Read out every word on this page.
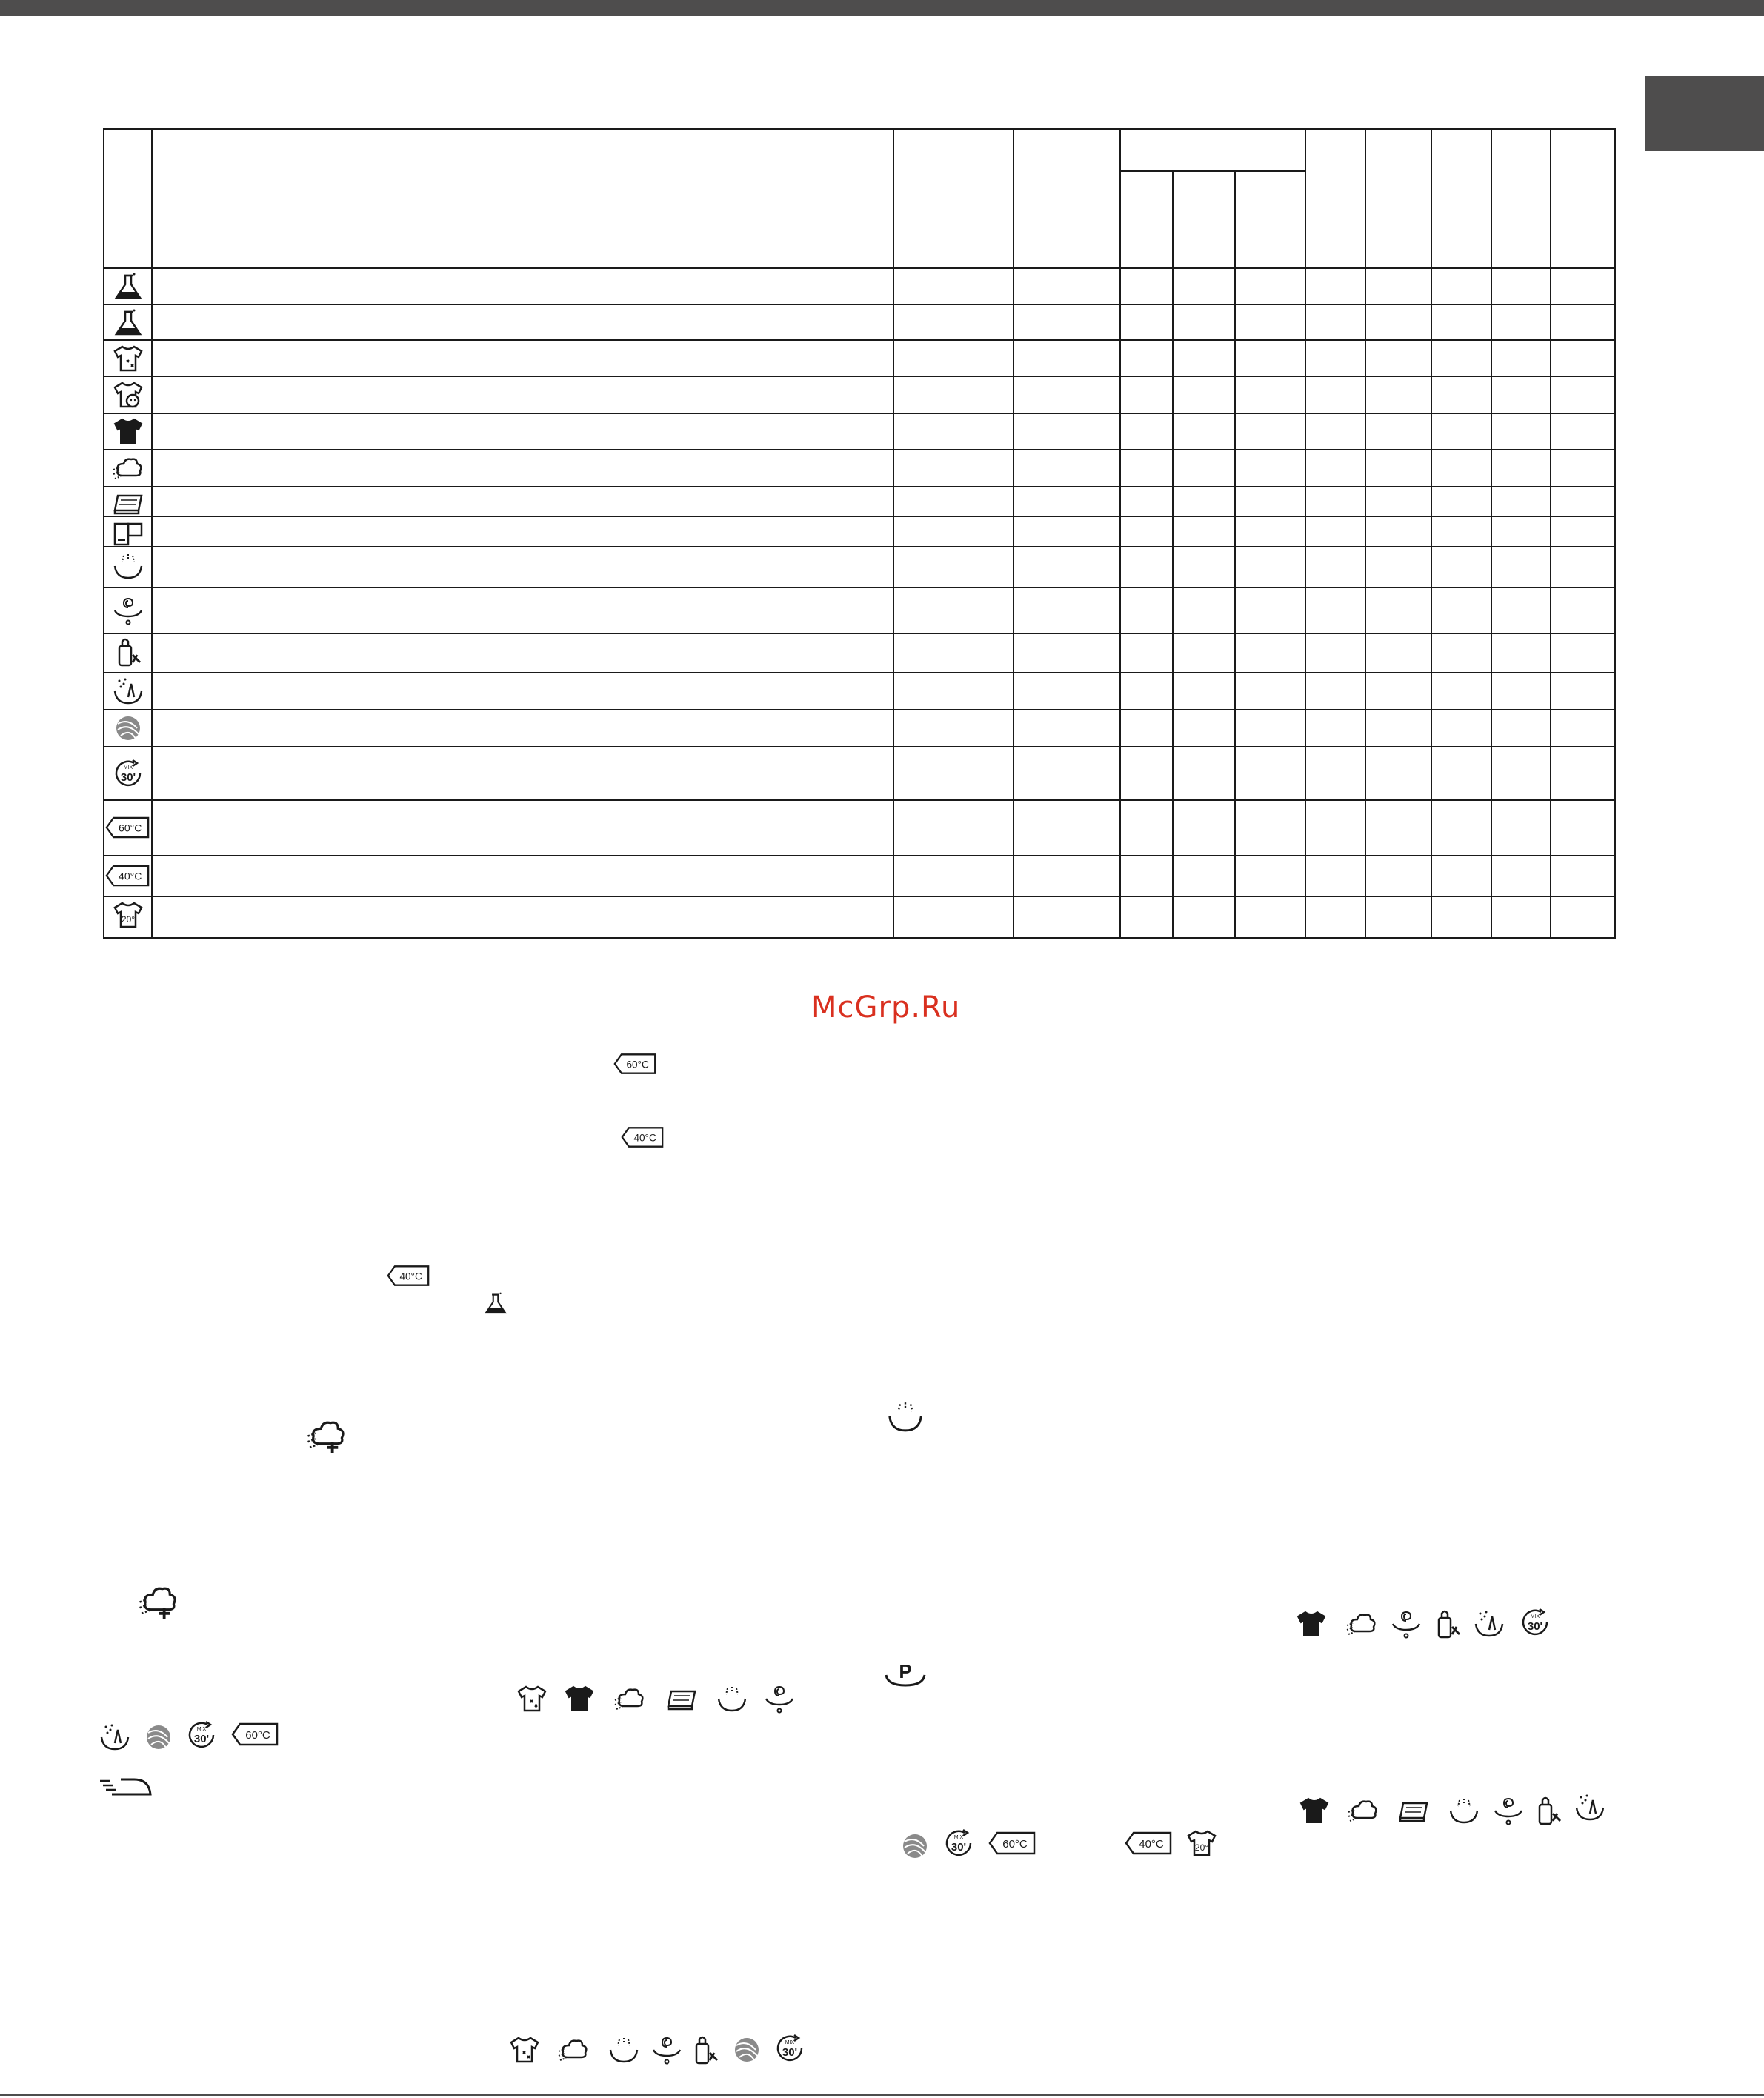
60°C
40°C
20°
McGrp.Ru
60°C
40°C
40°C
60°C
P
60°C	40°C	20°
